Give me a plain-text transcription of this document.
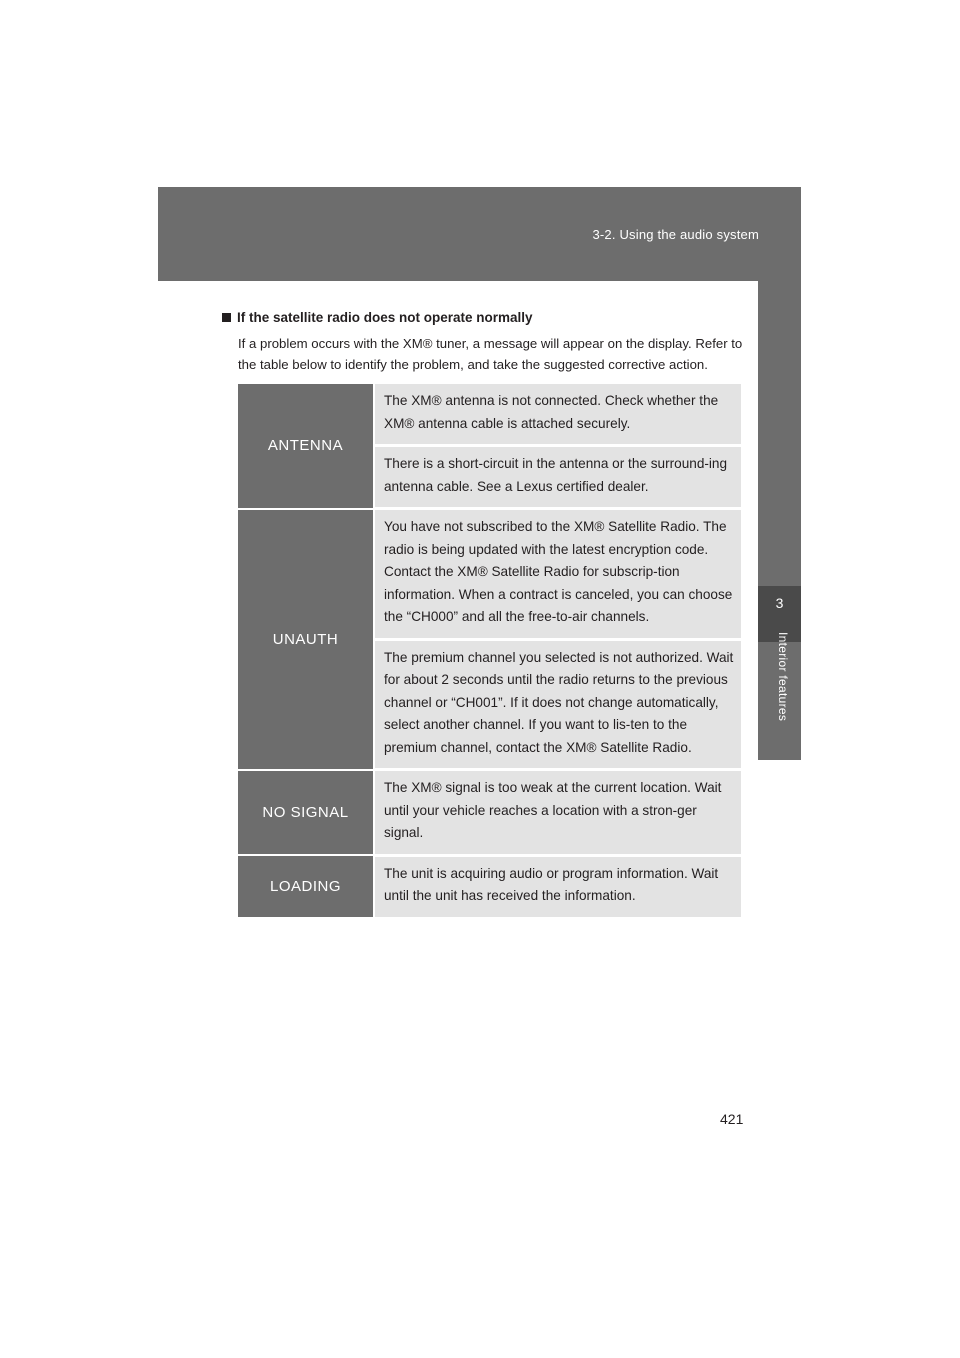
3-2. Using the audio system
3
Interior features
If the satellite radio does not operate normally
If a problem occurs with the XM® tuner, a message will appear on the display. Refer to the table below to identify the problem, and take the suggested corrective action.
ANTENNA	The XM® antenna is not connected. Check whether the XM® antenna cable is attached securely.
	There is a short-circuit in the antenna or the surround-ing antenna cable. See a Lexus certified dealer.
UNAUTH	You have not subscribed to the XM® Satellite Radio. The radio is being updated with the latest encryption code. Contact the XM® Satellite Radio for subscrip-tion information. When a contract is canceled, you can choose the “CH000” and all the free-to-air channels.
	The premium channel you selected is not authorized. Wait for about 2 seconds until the radio returns to the previous channel or “CH001”. If it does not change automatically, select another channel. If you want to lis-ten to the premium channel, contact the XM® Satellite Radio.
NO SIGNAL	The XM® signal is too weak at the current location. Wait until your vehicle reaches a location with a stron-ger signal.
LOADING	The unit is acquiring audio or program information. Wait until the unit has received the information.
421
